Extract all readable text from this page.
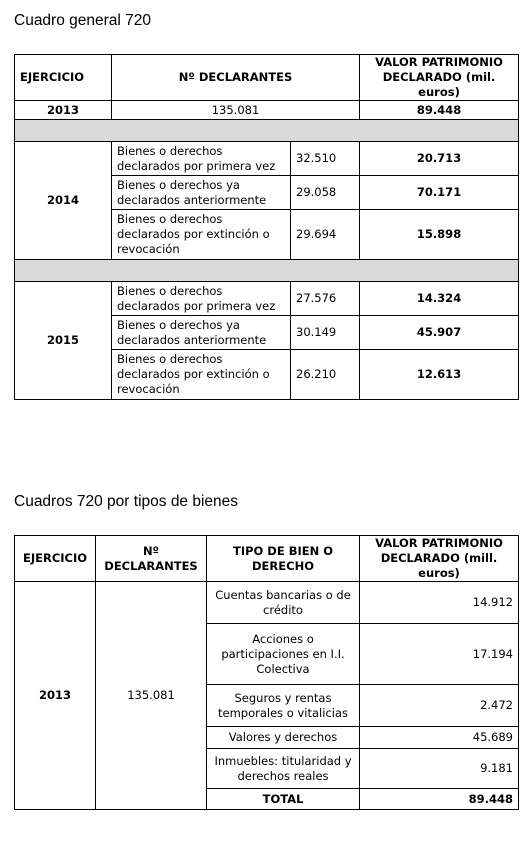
Cuadro general 720
EJERCICIO	Nº DECLARANTES		VALOR PATRIMONIO DECLARADO (mil. euros)
2013	135.081		89.448

2014	Bienes o derechos declarados por primera vez	32.510	20.713
	Bienes o derechos ya declarados anteriormente	29.058	70.171
	Bienes o derechos declarados por extinción o revocación	29.694	15.898

2015	Bienes o derechos declarados por primera vez	27.576	14.324
	Bienes o derechos ya declarados anteriormente	30.149	45.907
	Bienes o derechos declarados por extinción o revocación	26.210	12.613
Cuadros 720 por tipos de bienes
EJERCICIO	Nº DECLARANTES	TIPO DE BIEN O DERECHO	VALOR PATRIMONIO DECLARADO (mill. euros)
2013	135.081	Cuentas bancarias o de crédito	14.912
		Acciones o participaciones en I.I. Colectiva	17.194
		Seguros y rentas temporales o vitalicias	2.472
		Valores y derechos	45.689
		Inmuebles: titularidad y derechos reales	9.181
		TOTAL	89.448
